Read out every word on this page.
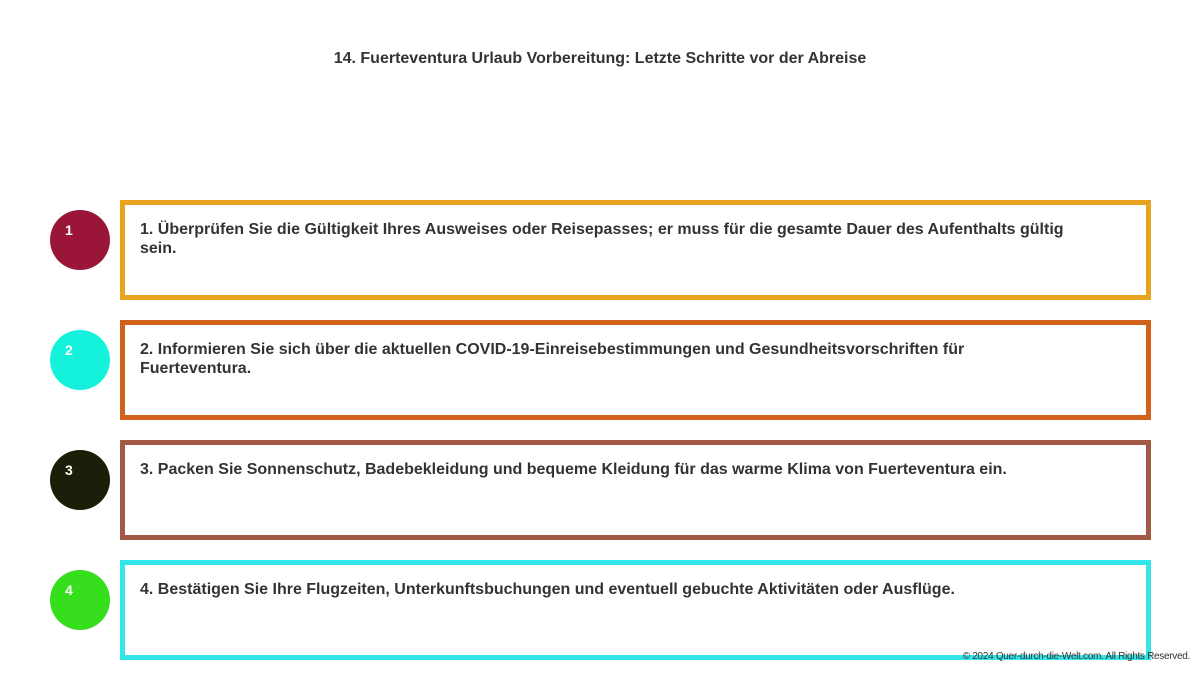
14. Fuerteventura Urlaub Vorbereitung: Letzte Schritte vor der Abreise
1	1. Überprüfen Sie die Gültigkeit Ihres Ausweises oder Reisepasses; er muss für die gesamte Dauer des Aufenthalts gültig sein.
2	2. Informieren Sie sich über die aktuellen COVID-19-Einreisebestimmungen und Gesundheitsvorschriften für Fuerteventura.
3	3. Packen Sie Sonnenschutz, Badebekleidung und bequeme Kleidung für das warme Klima von Fuerteventura ein.
4	4. Bestätigen Sie Ihre Flugzeiten, Unterkunftsbuchungen und eventuell gebuchte Aktivitäten oder Ausflüge.
© 2024 Quer-durch-die-Welt.com. All Rights Reserved.
